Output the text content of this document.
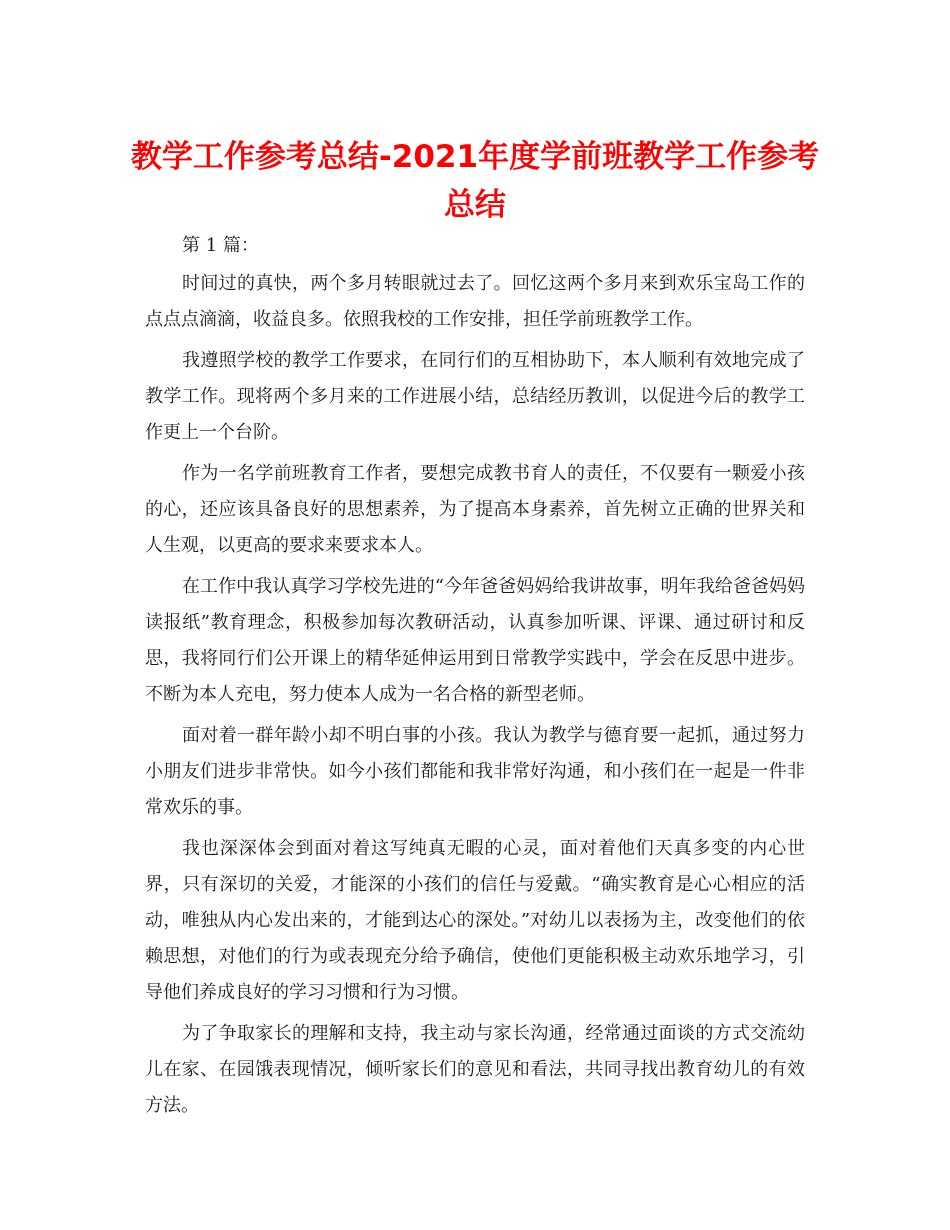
教学工作参考总结-2021年度学前班教学工作参考总结

第 1 篇：

时间过的真快，两个多月转眼就过去了。回忆这两个多月来到欢乐宝岛工作的点点点滴滴，收益良多。依照我校的工作安排，担任学前班教学工作。

我遵照学校的教学工作要求，在同行们的互相协助下，本人顺利有效地完成了教学工作。现将两个多月来的工作进展小结，总结经历教训，以促进今后的教学工作更上一个台阶。

作为一名学前班教育工作者，要想完成教书育人的责任，不仅要有一颗爱小孩的心，还应该具备良好的思想素养，为了提高本身素养，首先树立正确的世界关和人生观，以更高的要求来要求本人。

在工作中我认真学习学校先进的“今年爸爸妈妈给我讲故事，明年我给爸爸妈妈读报纸”教育理念，积极参加每次教研活动，认真参加听课、评课、通过研讨和反思，我将同行们公开课上的精华延伸运用到日常教学实践中，学会在反思中进步。不断为本人充电，努力使本人成为一名合格的新型老师。

面对着一群年龄小却不明白事的小孩。我认为教学与德育要一起抓，通过努力小朋友们进步非常快。如今小孩们都能和我非常好沟通，和小孩们在一起是一件非常欢乐的事。

我也深深体会到面对着这写纯真无暇的心灵，面对着他们天真多变的内心世界，只有深切的关爱，才能深的小孩们的信任与爱戴。“确实教育是心心相应的活动，唯独从内心发出来的，才能到达心的深处。”对幼儿以表扬为主，改变他们的依赖思想，对他们的行为或表现充分给予确信，使他们更能积极主动欢乐地学习，引导他们养成良好的学习习惯和行为习惯。

为了争取家长的理解和支持，我主动与家长沟通，经常通过面谈的方式交流幼儿在家、在园饿表现情况，倾听家长们的意见和看法，共同寻找出教育幼儿的有效方法。
